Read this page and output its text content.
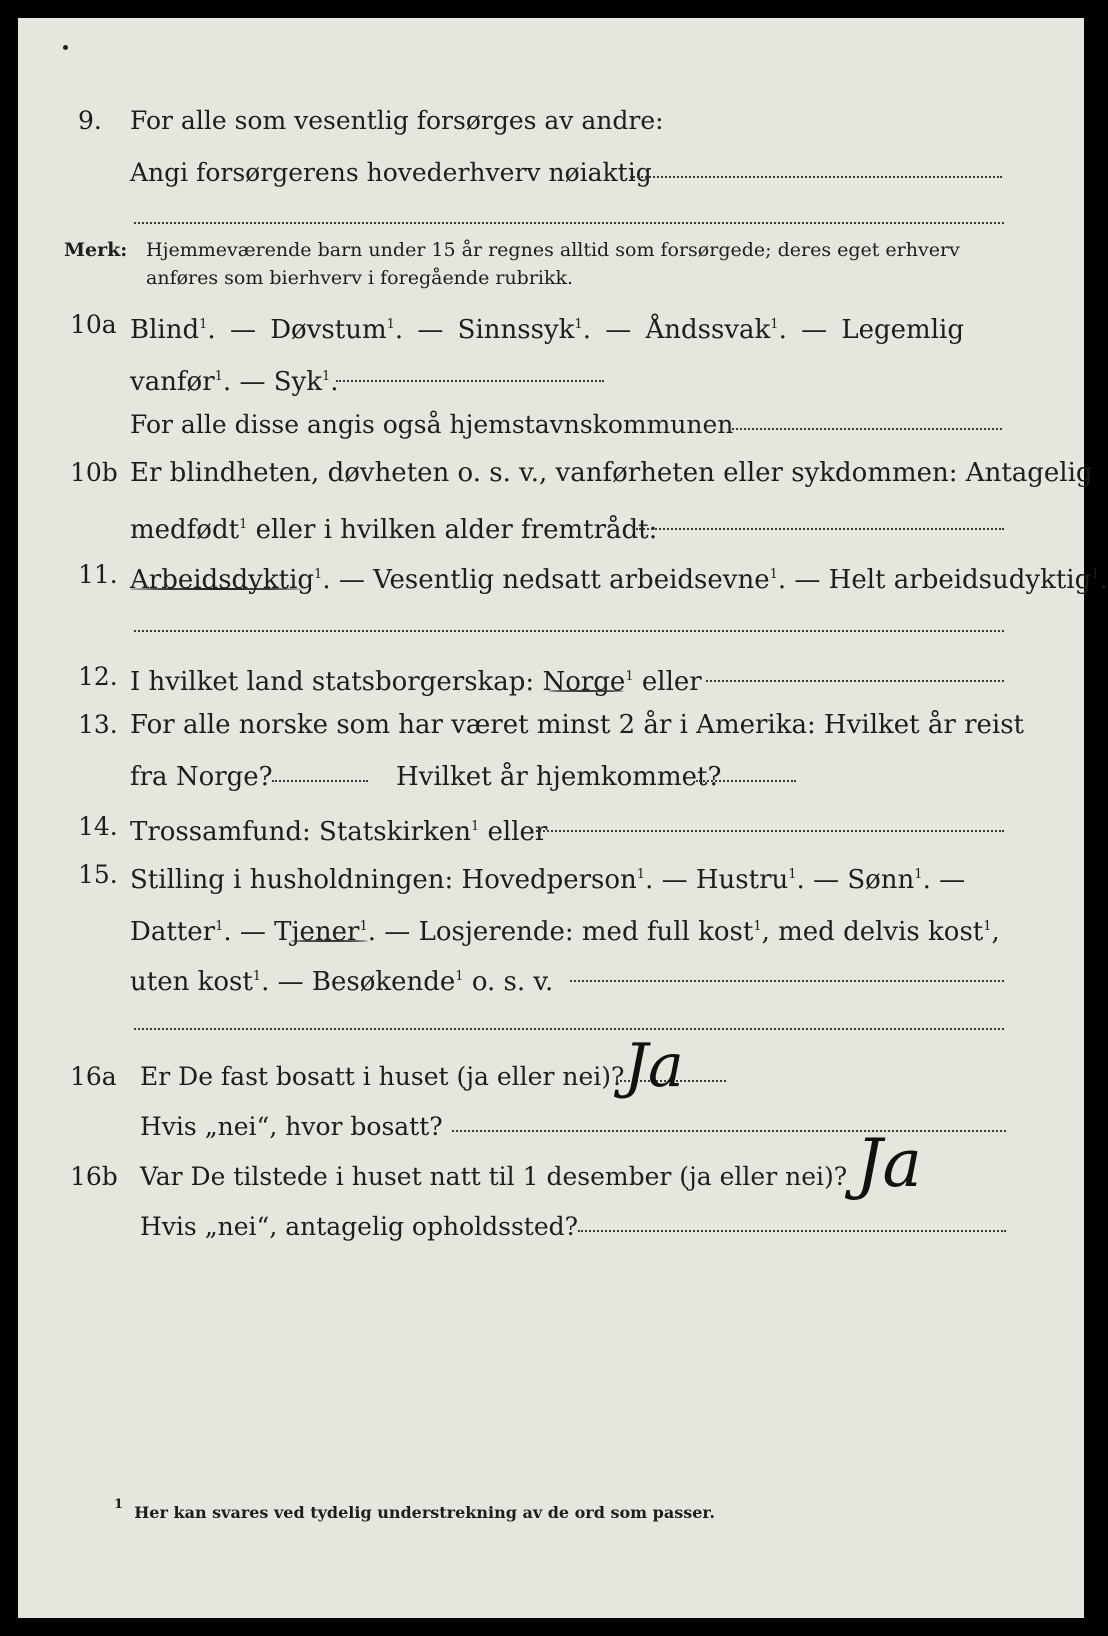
9. For alle som vesentlig forsørges av andre:
Angi forsørgerens hovederhverv nøiaktig
Merk: Hjemmeværende barn under 15 år regnes alltid som forsørgede; deres eget erhverv
anføres som bierhverv i foregående rubrikk.
10a Blind$^1$. — Døvstum$^1$. — Sinnssyk$^1$. — Åndssvak$^1$. — Legemlig
vanfør$^1$. — Syk$^1$.
For alle disse angis også hjemstavnskommunen
10b Er blindheten, døvheten o. s. v., vanførheten eller sykdommen: Antagelig
medfødt$^1$ eller i hvilken alder fremtrådt:
11. Arbeidsdyktig$^1$. — Vesentlig nedsatt arbeidsevne$^1$. — Helt arbeidsudyktig$^1$.
12. I hvilket land statsborgerskap: Norge$^1$ eller
13. For alle norske som har været minst 2 år i Amerika: Hvilket år reist
fra Norge?	Hvilket år hjemkommet?
14. Trossamfund: Statskirken$^1$ eller
15. Stilling i husholdningen: Hovedperson$^1$. — Hustru$^1$. — Sønn$^1$. —
Datter$^1$. — Tjener$^1$. — Losjerende: med full kost$^1$, med delvis kost$^1$,
uten kost$^1$. — Besøkende$^1$ o. s. v.
16a Er De fast bosatt i huset (ja eller nei)? Ja
Hvis „nei“, hvor bosatt?
16b Var De tilstede i huset natt til 1 desember (ja eller nei)? Ja
Hvis „nei“, antagelig opholdssted?
$^1$ Her kan svares ved tydelig understrekning av de ord som passer.
